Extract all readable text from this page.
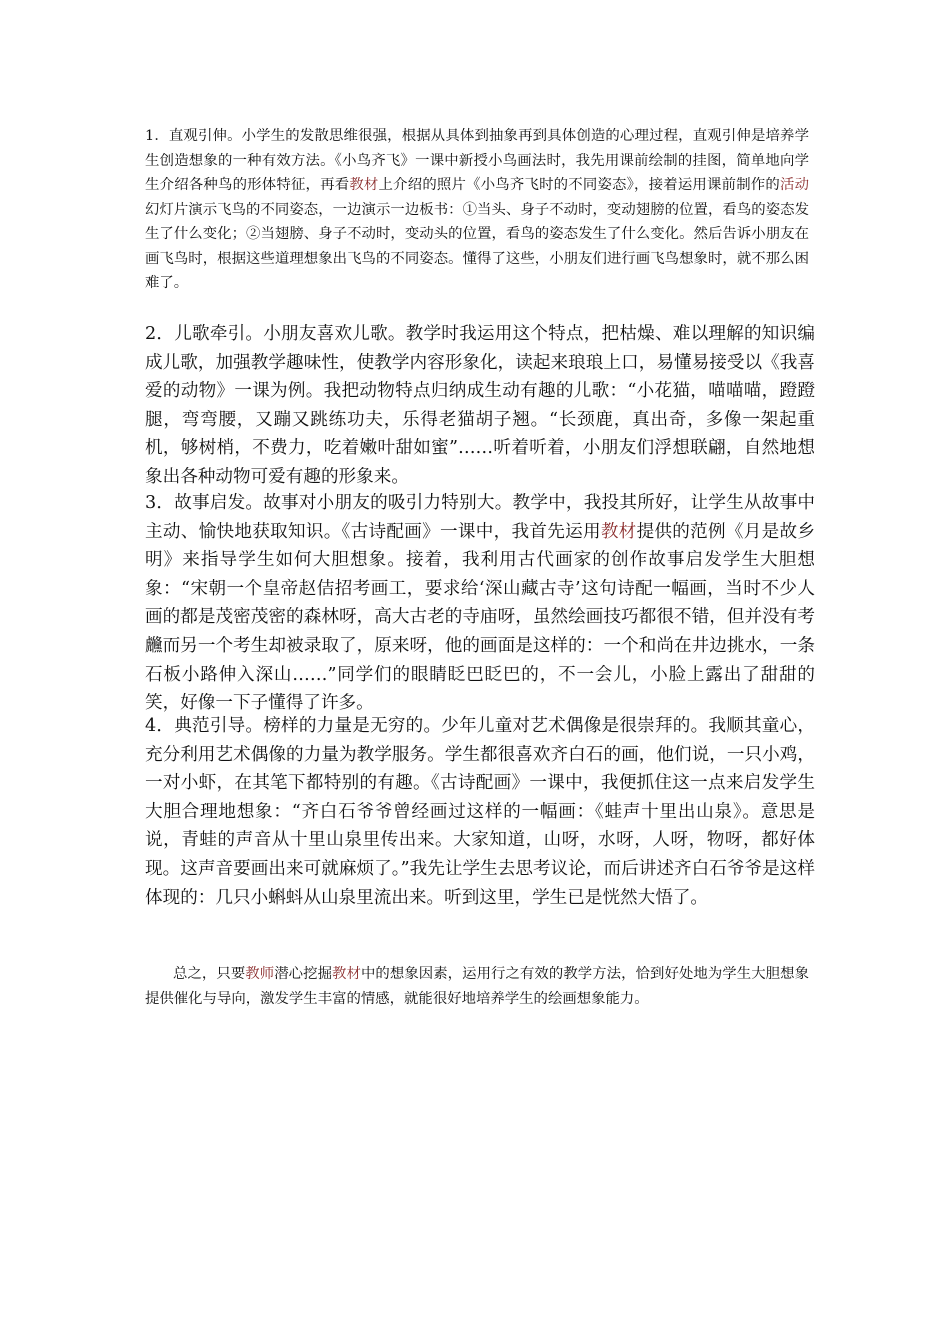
1．直观引伸。小学生的发散思维很强，根据从具体到抽象再到具体创造的心理过程，直观引伸是培养学生创造想象的一种有效方法。《小鸟齐飞》一课中新授小鸟画法时，我先用课前绘制的挂图，简单地向学生介绍各种鸟的形体特征，再看教材上介绍的照片《小鸟齐飞时的不同姿态》，接着运用课前制作的活动幻灯片演示飞鸟的不同姿态，一边演示一边板书：①当头、身子不动时，变动翅膀的位置，看鸟的姿态发生了什么变化；②当翅膀、身子不动时，变动头的位置，看鸟的姿态发生了什么变化。然后告诉小朋友在画飞鸟时，根据这些道理想象出飞鸟的不同姿态。懂得了这些，小朋友们进行画飞鸟想象时，就不那么困难了。

2．儿歌牵引。小朋友喜欢儿歌。教学时我运用这个特点，把枯燥、难以理解的知识编成儿歌，加强教学趣味性，使教学内容形象化，读起来琅琅上口，易懂易接受以《我喜爱的动物》一课为例。我把动物特点归纳成生动有趣的儿歌：“小花猫，喵喵喵，蹬蹬腿，弯弯腰，又蹦又跳练功夫，乐得老猫胡子翘。“长颈鹿，真出奇，多像一架起重机，够树梢，不费力，吃着嫩叶甜如蜜”……听着听着，小朋友们浮想联翩，自然地想象出各种动物可爱有趣的形象来。

3．故事启发。故事对小朋友的吸引力特别大。教学中，我投其所好，让学生从故事中主动、愉快地获取知识。《古诗配画》一课中，我首先运用教材提供的范例《月是故乡明》来指导学生如何大胆想象。接着，我利用古代画家的创作故事启发学生大胆想象：“宋朝一个皇帝赵佶招考画工，要求给‘深山藏古寺’这句诗配一幅画，当时不少人画的都是茂密茂密的森林呀，高大古老的寺庙呀，虽然绘画技巧都很不错，但并没有考虪而另一个考生却被录取了，原来呀，他的画面是这样的：一个和尚在井边挑水，一条石板小路伸入深山……”同学们的眼睛眨巴眨巴的，不一会儿，小脸上露出了甜甜的笑，好像一下子懂得了许多。

4．典范引导。榜样的力量是无穷的。少年儿童对艺术偶像是很崇拜的。我顺其童心，充分利用艺术偶像的力量为教学服务。学生都很喜欢齐白石的画，他们说，一只小鸡，一对小虾，在其笔下都特别的有趣。《古诗配画》一课中，我便抓住这一点来启发学生大胆合理地想象：“齐白石爷爷曾经画过这样的一幅画：《蛙声十里出山泉》。意思是说，青蛙的声音从十里山泉里传出来。大家知道，山呀，水呀，人呀，物呀，都好体现。这声音要画出来可就麻烦了。”我先让学生去思考议论，而后讲述齐白石爷爷是这样体现的：几只小蝌蚪从山泉里流出来。听到这里，学生已是恍然大悟了。

总之，只要教师潜心挖掘教材中的想象因素，运用行之有效的教学方法，恰到好处地为学生大胆想象提供催化与导向，激发学生丰富的情感，就能很好地培养学生的绘画想象能力。
